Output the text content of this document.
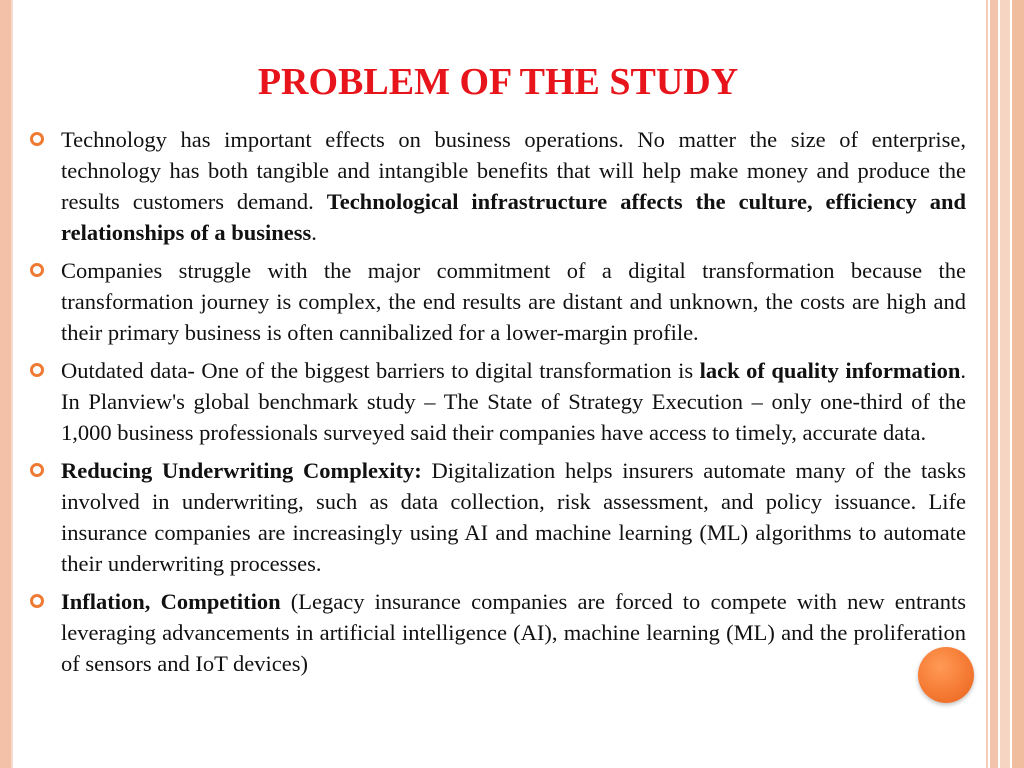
PROBLEM OF THE STUDY
Technology has important effects on business operations. No matter the size of enterprise, technology has both tangible and intangible benefits that will help make money and produce the results customers demand. Technological infrastructure affects the culture, efficiency and relationships of a business.
Companies struggle with the major commitment of a digital transformation because the transformation journey is complex, the end results are distant and unknown, the costs are high and their primary business is often cannibalized for a lower-margin profile.
Outdated data- One of the biggest barriers to digital transformation is lack of quality information. In Planview's global benchmark study – The State of Strategy Execution – only one-third of the 1,000 business professionals surveyed said their companies have access to timely, accurate data.
Reducing Underwriting Complexity: Digitalization helps insurers automate many of the tasks involved in underwriting, such as data collection, risk assessment, and policy issuance. Life insurance companies are increasingly using AI and machine learning (ML) algorithms to automate their underwriting processes.
Inflation, Competition (Legacy insurance companies are forced to compete with new entrants leveraging advancements in artificial intelligence (AI), machine learning (ML) and the proliferation of sensors and IoT devices)
